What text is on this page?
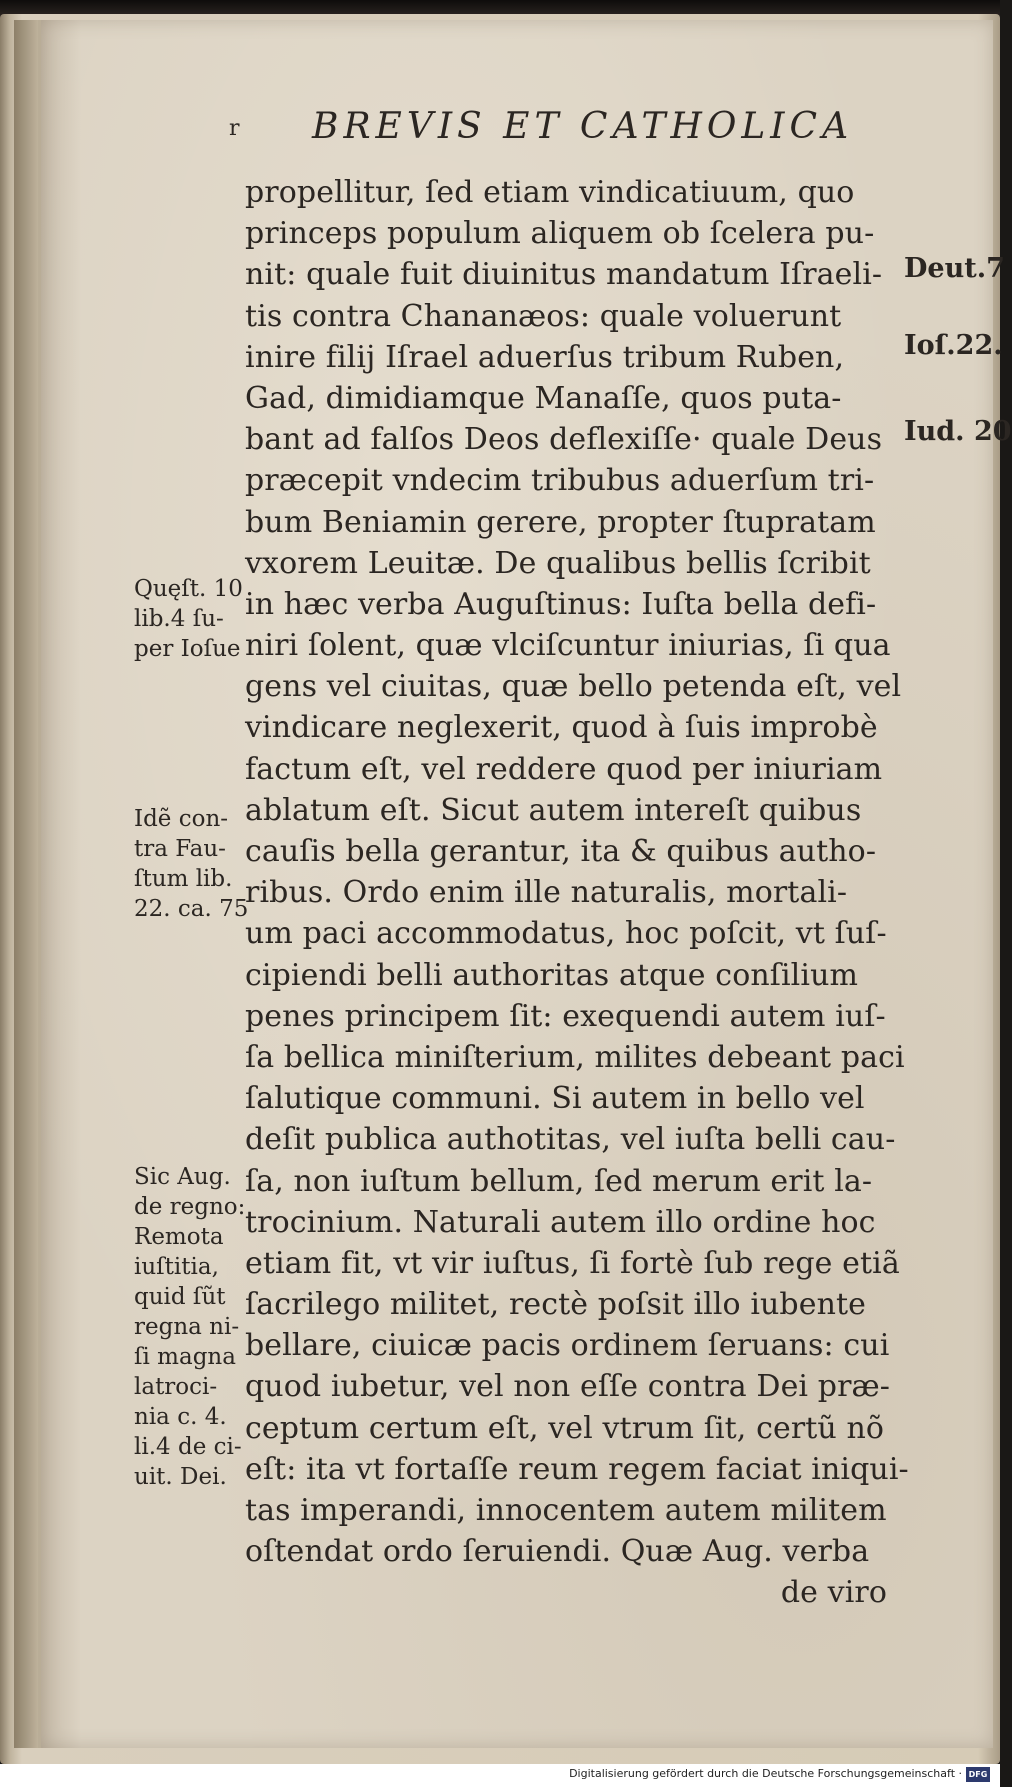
r BREVIS ET CATHOLICA
propellitur, ſed etiam vindicatiuum, quo
princeps populum aliquem ob ſcelera pu-
nit: quale fuit diuinitus mandatum Iſraeli-
tis contra Chananæos: quale voluerunt
inire filij Iſrael aduerſus tribum Ruben,
Gad, dimidiamque Manaſſe, quos puta-
bant ad falſos Deos deflexiſſe· quale Deus
præcepit vndecim tribubus aduerſum tri-
bum Beniamin gerere, propter ſtupratam
vxorem Leuitæ. De qualibus bellis ſcribit
in hæc verba Auguſtinus: Iuſta bella defi-
niri ſolent, quæ vlciſcuntur iniurias, ſi qua
gens vel ciuitas, quæ bello petenda eſt, vel
vindicare neglexerit, quod à ſuis improbè
factum eſt, vel reddere quod per iniuriam
ablatum eſt. Sicut autem intereſt quibus
cauſis bella gerantur, ita & quibus autho-
ribus. Ordo enim ille naturalis, mortali-
um paci accommodatus, hoc poſcit, vt ſuſ-
cipiendi belli authoritas atque conſilium
penes principem ſit: exequendi autem iuſ-
ſa bellica miniſterium, milites debeant paci
ſalutique communi. Si autem in bello vel
deſit publica authotitas, vel iuſta belli cau-
ſa, non iuſtum bellum, ſed merum erit la-
trocinium. Naturali autem illo ordine hoc
etiam fit, vt vir iuſtus, ſi fortè ſub rege etiã
ſacrilego militet, rectè poſsit illo iubente
bellare, ciuicæ pacis ordinem ſeruans: cui
quod iubetur, vel non eſſe contra Dei præ-
ceptum certum eſt, vel vtrum ſit, certũ nõ
eſt: ita vt fortaſſe reum regem faciat iniqui-
tas imperandi, innocentem autem militem
oſtendat ordo ſeruiendi. Quæ Aug. verba
de viro
Quęſt. 10
lib.4 ſu-
per Ioſue
Idẽ con-
tra Fau-
ſtum lib.
22. ca. 75
Sic Aug.
de regno:
Remota
iuſtitia,
quid ſũt
regna ni-
ſi magna
latroci-
nia c. 4.
li.4 de ci-
uit. Dei.
Deut.7
Ioſ.22.
Iud. 20
Digitalisierung gefördert durch die Deutsche Forschungsgemeinschaft · DFG
